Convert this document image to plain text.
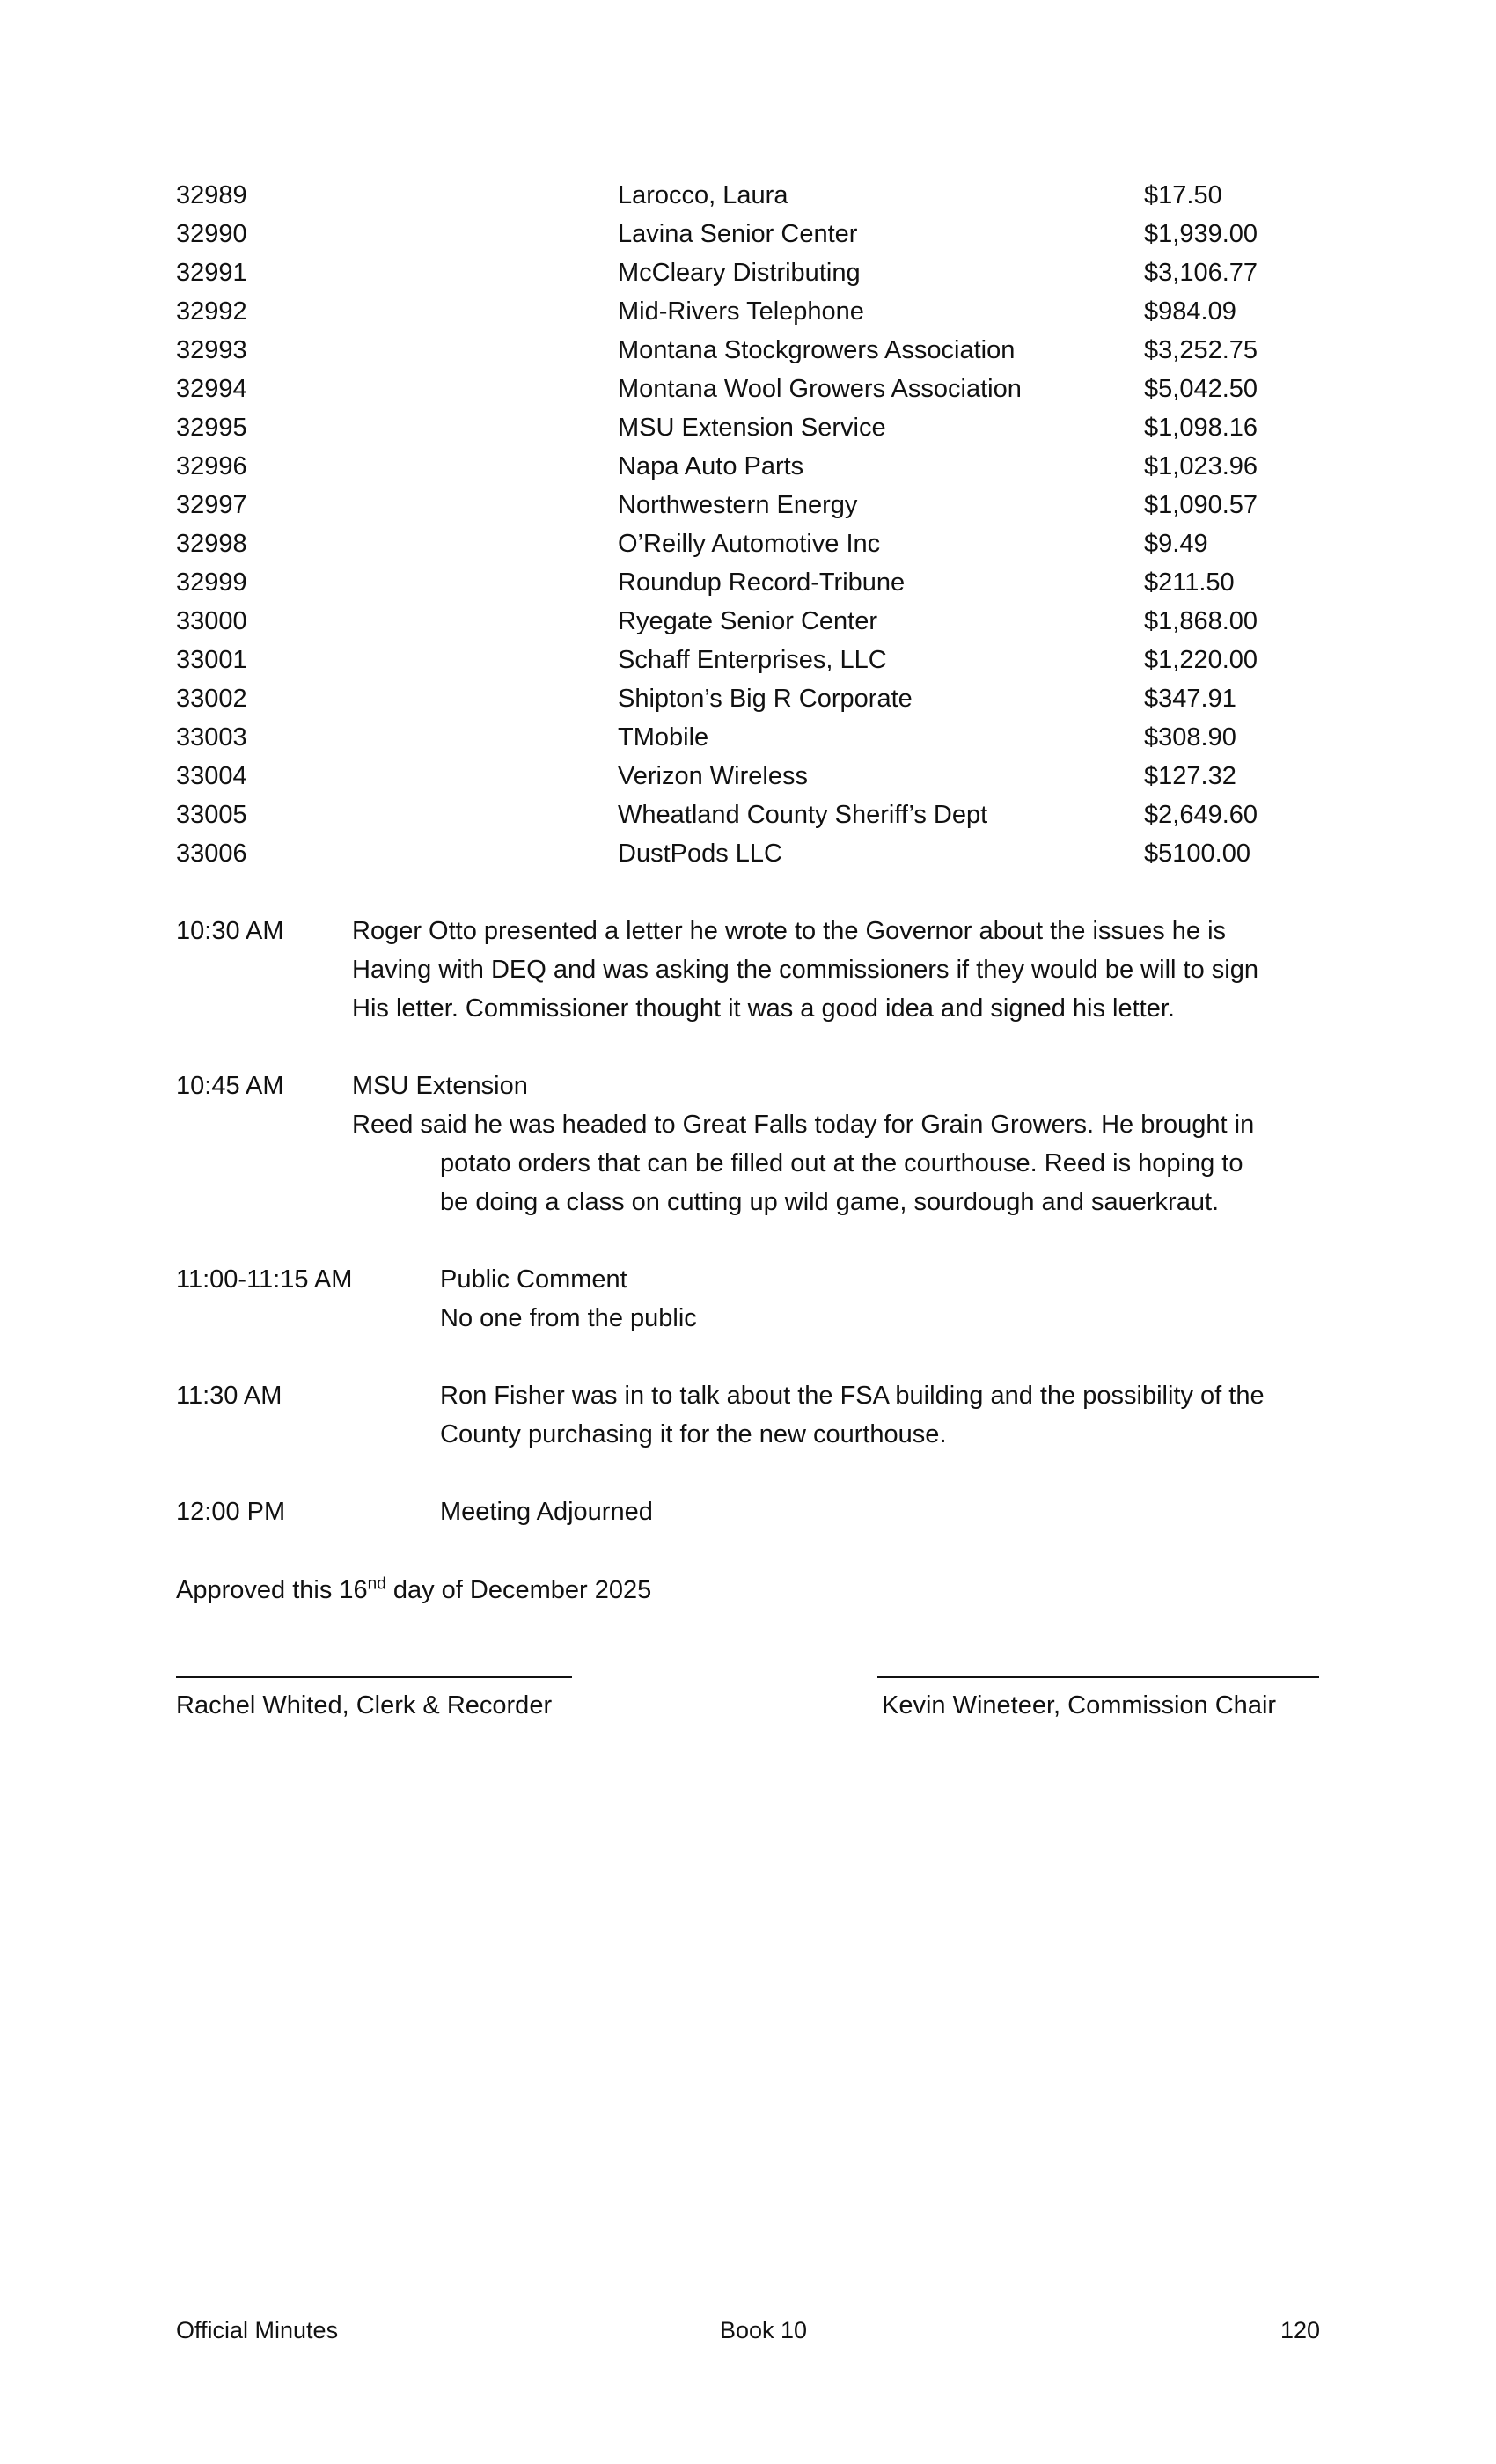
32989	Larocco, Laura	$17.50
32990	Lavina Senior Center	$1,939.00
32991	McCleary Distributing	$3,106.77
32992	Mid-Rivers Telephone	$984.09
32993	Montana Stockgrowers Association	$3,252.75
32994	Montana Wool Growers Association	$5,042.50
32995	MSU Extension Service	$1,098.16
32996	Napa Auto Parts	$1,023.96
32997	Northwestern Energy	$1,090.57
32998	O’Reilly Automotive Inc	$9.49
32999	Roundup Record-Tribune	$211.50
33000	Ryegate Senior Center	$1,868.00
33001	Schaff Enterprises, LLC	$1,220.00
33002	Shipton’s Big R Corporate	$347.91
33003	TMobile	$308.90
33004	Verizon Wireless	$127.32
33005	Wheatland County Sheriff’s Dept	$2,649.60
33006	DustPods LLC	$5100.00
10:30 AM	Roger Otto presented a letter he wrote to the Governor about the issues he is

Having with DEQ and was asking the commissioners if they would be will to sign

His letter. Commissioner thought it was a good idea and signed his letter.

10:45 AM	MSU Extension

Reed said he was headed to Great Falls today for Grain Growers. He brought in

potato orders that can be filled out at the courthouse. Reed is hoping to

be doing a class on cutting up wild game, sourdough and sauerkraut.

11:00-11:15 AM	Public Comment

No one from the public

11:30 AM	Ron Fisher was in to talk about the FSA building and the possibility of the

County purchasing it for the new courthouse.

12:00 PM	Meeting Adjourned

Approved this 16nd day of December 2025
Rachel Whited, Clerk & Recorder	Kevin Wineteer, Commission Chair
Official Minutes	Book 10	120
